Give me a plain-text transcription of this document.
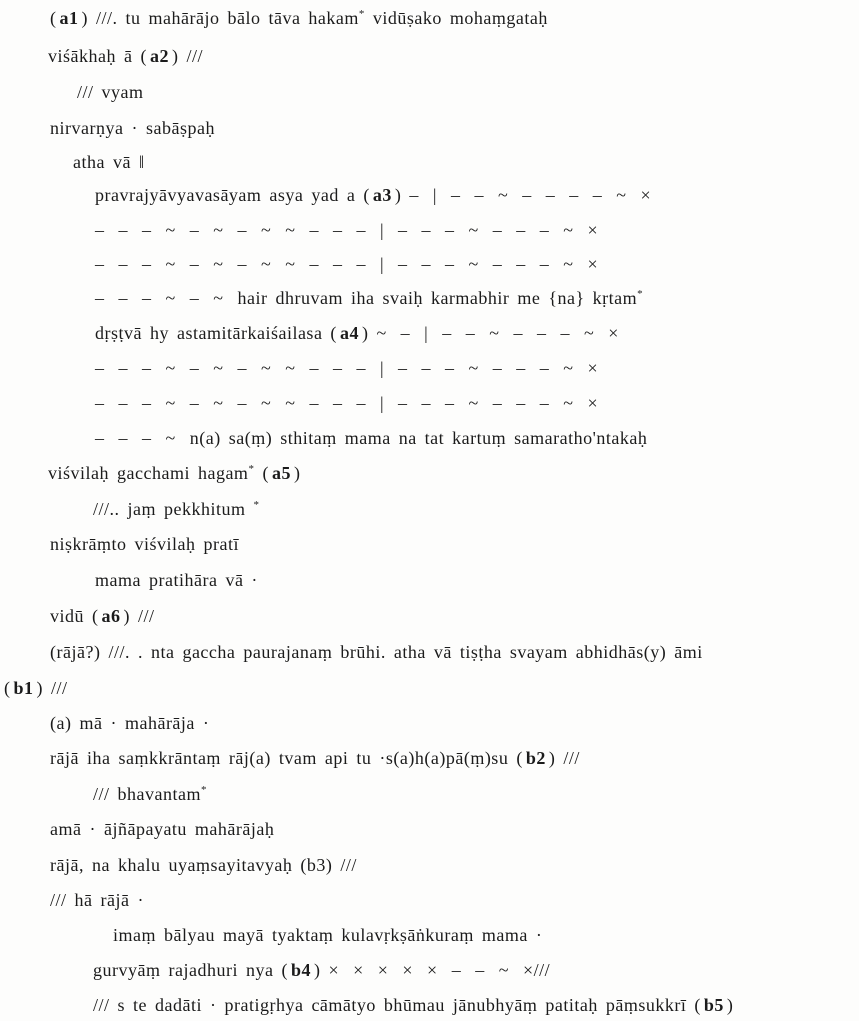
( a1 ) ///. tu mahārājo bālo tāva hakam* vidūṣako mohaṃgataḥ
viśākhaḥ ā ( a2 ) ///
/// vyam
nirvarṇya · sabāṣpaḥ
atha vā ‖
pravrajyāvyavasāyam asya yad a ( a3 ) – | – – ~ – – – – ~ ×
– – – ~ – ~ – ~ ~ – – – | – – – ~ – – – ~ ×
– – – ~ – ~ – ~ ~ – – – | – – – ~ – – – ~ ×
– – – ~ – ~ hair dhruvam iha svaiḥ karmabhir me {na} kṛtam*
dṛṣṭvā hy astamitārkaiśailasa ( a4 ) ~ – | – – ~ – – – ~ ×
– – – ~ – ~ – ~ ~ – – – | – – – ~ – – – ~ ×
– – – ~ – ~ – ~ ~ – – – | – – – ~ – – – ~ ×
– – – ~ n(a) sa(ṃ) sthitaṃ mama na tat kartuṃ samaratho'ntakaḥ
viśvilaḥ gacchami hagam* ( a5 )
///.. jaṃ pekkhitum *
niṣkrāṃto viśvilaḥ pratī
mama pratihāra vā ·
vidū ( a6 ) ///
(rājā?) ///. . nta gaccha paurajanaṃ brūhi. atha vā tiṣṭha svayam abhidhās(y) āmi
( b1 ) ///
(a) mā · mahārāja ·
rājā iha saṃkkrāntaṃ rāj(a) tvam api tu ·s(a)h(a)pā(ṃ)su ( b2 ) ///
/// bhavantam*
amā · ājñāpayatu mahārājaḥ
rājā, na khalu uyaṃsayitavyaḥ (b3) ///
/// hā rājā ·
imaṃ bālyau mayā tyaktaṃ kulavṛkṣāṅkuraṃ mama ·
gurvyāṃ rajadhuri nya ( b4 ) × × × × × – – ~ ×///
/// s te dadāti · pratigṛhya cāmātyo bhūmau jānubhyāṃ patitaḥ pāṃsukkrī ( b5 )
